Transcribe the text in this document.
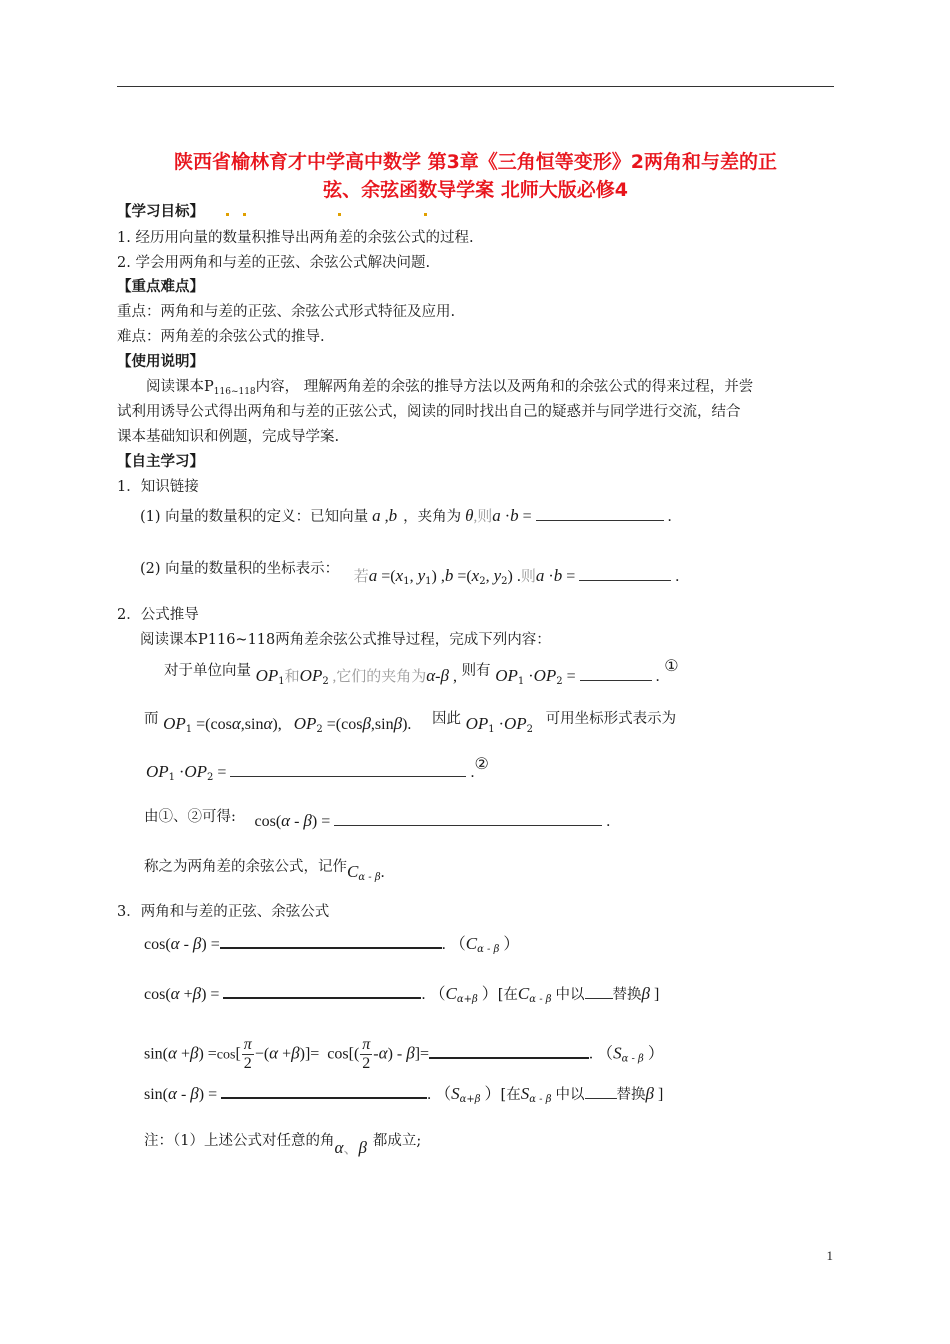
陕西省榆林育才中学高中数学 第3章《三角恒等变形》2两角和与差的正
弦、余弦函数导学案 北师大版必修4
【学习目标】
1. 经历用向量的数量积推导出两角差的余弦公式的过程.
2. 学会用两角和与差的正弦、余弦公式解决问题.
【重点难点】
重点：两角和与差的正弦、余弦公式形式特征及应用.
难点：两角差的余弦公式的推导.
【使用说明】
阅读课本$P_{116\sim 118}$内容， 理解两角差的余弦的推导方法以及两角和的余弦公式的得来过程，并尝
试利用诱导公式得出两角和与差的正弦公式，阅读的同时找出自己的疑惑并与同学进行交流，结合
课本基础知识和例题，完成导学案.
【自主学习】
1．知识链接
(1) 向量的数量积的定义：已知向量 a ,b ，夹角为 θ,则a ·b =	.
(2) 向量的数量积的坐标表示： 若$a =(x_1$, $y_1$) $,b =(x_2$, $y_2$) .则a ·b =	.
2．公式推导
阅读课本P116~118两角差余弦公式推导过程，完成下列内容：
对于单位向量 $OP_1$和$OP_2$ ,它们的夹角为α-β , 则有 $OP_1 \cdot OP_2$ =	. ①
而 $OP_1 =(\cos\alpha,\sin\alpha)$,   $OP_2 =(\cos\beta,\sin\beta)$.     因此 $OP_1 \cdot OP_2$ 可用坐标形式表示为
$OP_1 \cdot OP_2$ =	.②
由①、②可得: cos(α - β) =	.
称之为两角差的余弦公式，记作$C_{\alpha - \beta}$.
3．两角和与差的正弦、余弦公式
cos(α - β) =	. （$C_{\alpha - \beta}$ ）
cos(α +β) =	. （$C_{\alpha+\beta}$ ）[在$C_{\alpha - \beta}$ 中以 替换β ]
$\sin(\alpha +\beta) =\cos[ \frac{\pi}{2} -(\alpha +\beta)]= \cos[( \frac{\pi}{2} -\alpha) - \beta]=$	. （$S_{\alpha - \beta}$ ）
sin(α - β) =	. （$S_{\alpha+\beta}$ ）[在$S_{\alpha - \beta}$ 中以 替换β ]
注：（1）上述公式对任意的角α、β 都成立;
1
